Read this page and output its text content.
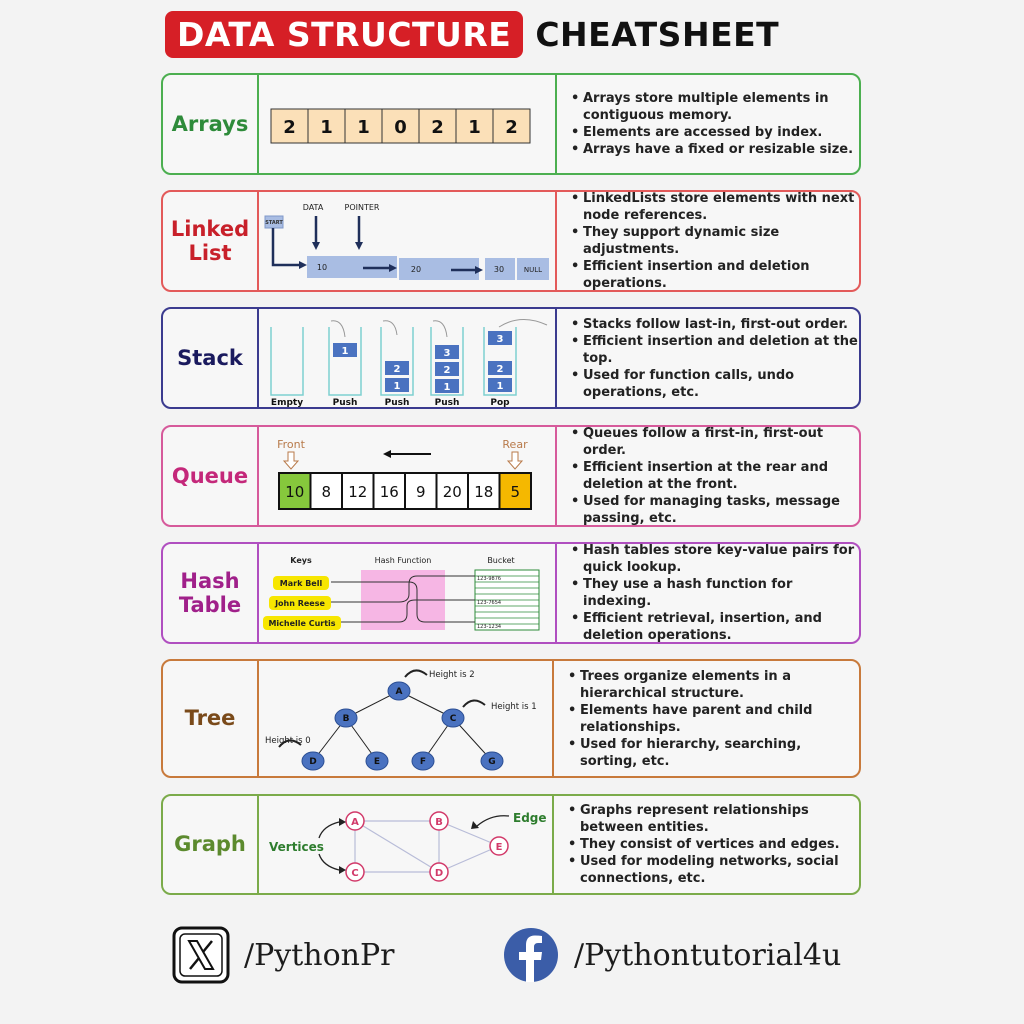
DATA STRUCTURE CHEATSHEET
Arrays	2 1 1 0 2 1 2
• Arrays store multiple elements in contiguous memory.
• Elements are accessed by index.
• Arrays have a fixed or resizable size.
Linked
List
START
DATA	POINTER
10	20	30	NULL
• LinkedLists store elements with next node references.
• They support dynamic size adjustments.
• Efficient insertion and deletion operations.
Stack	1
2
1
3
2
1
3
2
1
Empty	Push	Push	Push	Pop
• Stacks follow last-in, first-out order.
• Efficient insertion and deletion at the top.
• Used for function calls, undo operations, etc.
Queue
Front	Rear
10 8 12 16 9 20 18 5
• Queues follow a first-in, first-out order.
• Efficient insertion at the rear and deletion at the front.
• Used for managing tasks, message passing, etc.
Hash
Table
Keys	Hash Function	Bucket
Mark Bell
John Reese
Michelle Curtis
123-9876
123-7654
123-1234
• Hash tables store key-value pairs for quick lookup.
• They use a hash function for indexing.
• Efficient retrieval, insertion, and deletion operations.
Tree
A
B	C
D	E	F	G
Height is 2
Height is 1
Height is 0
• Trees organize elements in a hierarchical structure.
• Elements have parent and child relationships.
• Used for hierarchy, searching, sorting, etc.
Graph
A	B
C	D
E
Vertices
Edge
•	Graphs represent relationships between entities.
• They consist of vertices and edges.
• Used for modeling networks, social connections, etc.
/PythonPr	/Pythontutorial4u
